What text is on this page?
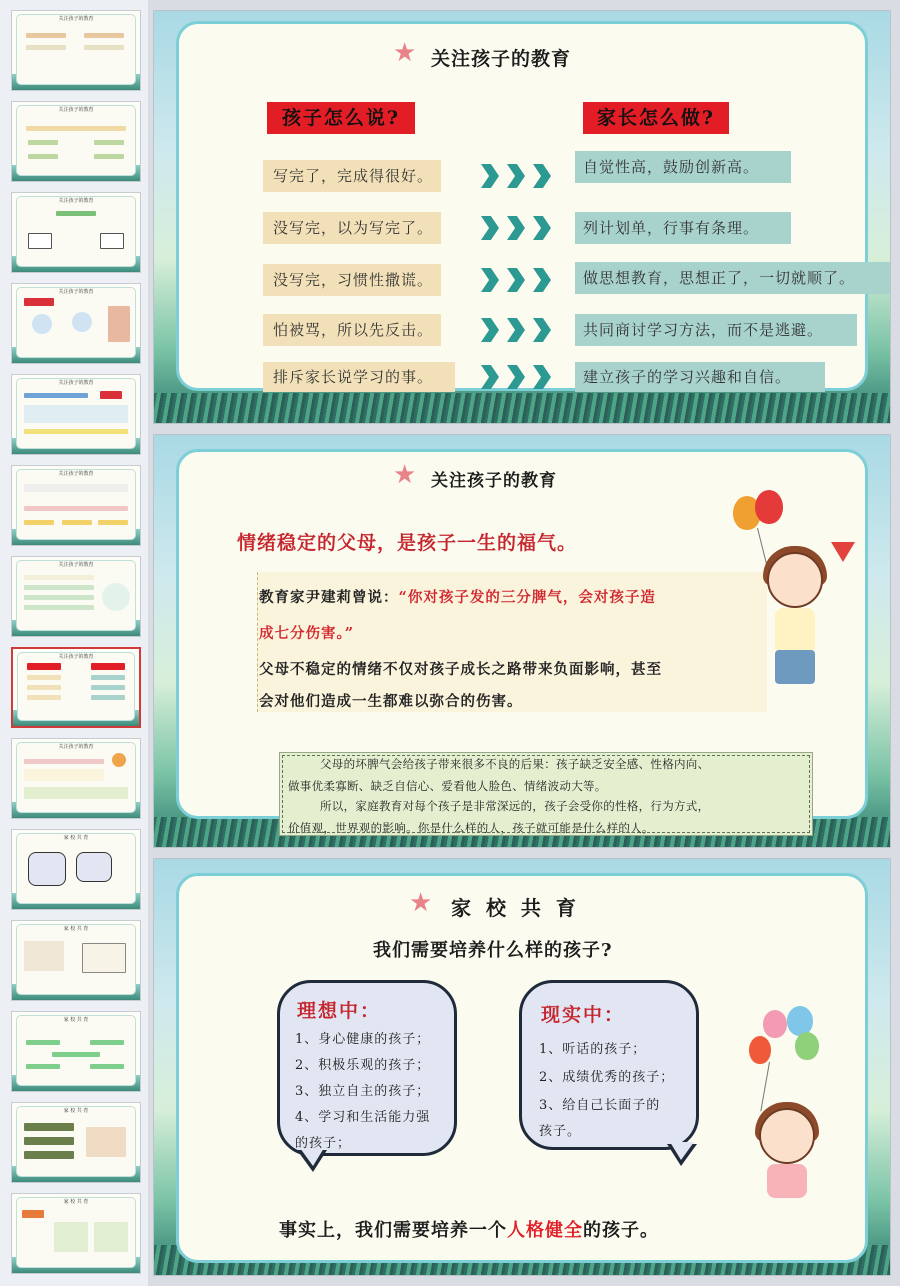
关注孩子的教育
关注孩子的教育
关注孩子的教育
关注孩子的教育
关注孩子的教育
关注孩子的教育
关注孩子的教育
关注孩子的教育
关注孩子的教育
家 校 共 育
家 校 共 育
家 校 共 育
家 校 共 育
家 校 共 育
★ 关注孩子的教育
孩子怎么说?	家长怎么做?
写完了，完成得很好。	自觉性高，鼓励创新高。
没写完，以为写完了。	列计划单，行事有条理。
没写完，习惯性撒谎。	做思想教育，思想正了，一切就顺了。
怕被骂，所以先反击。	共同商讨学习方法，而不是逃避。
排斥家长说学习的事。	建立孩子的学习兴趣和自信。
★ 关注孩子的教育
情绪稳定的父母，是孩子一生的福气。
教育家尹建莉曾说：“你对孩子发的三分脾气，会对孩子造
成七分伤害。”
父母不稳定的情绪不仅对孩子成长之路带来负面影响，甚至
会对他们造成一生都难以弥合的伤害。

父母的坏脾气会给孩子带来很多不良的后果：孩子缺乏安全感、性格内向、

做事优柔寡断、缺乏自信心、爱看他人脸色、情绪波动大等。

所以，家庭教育对每个孩子是非常深远的，孩子会受你的性格，行为方式，

价值观，世界观的影响。你是什么样的人，孩子就可能是什么样的人。

★ 家 校 共 育
我们需要培养什么样的孩子?
理想中：
1、身心健康的孩子；
2、积极乐观的孩子；
3、独立自主的孩子；
4、学习和生活能力强
的孩子；
现实中：
1、听话的孩子；
2、成绩优秀的孩子；
3、给自己长面子的
孩子。
事实上，我们需要培养一个人格健全的孩子。
